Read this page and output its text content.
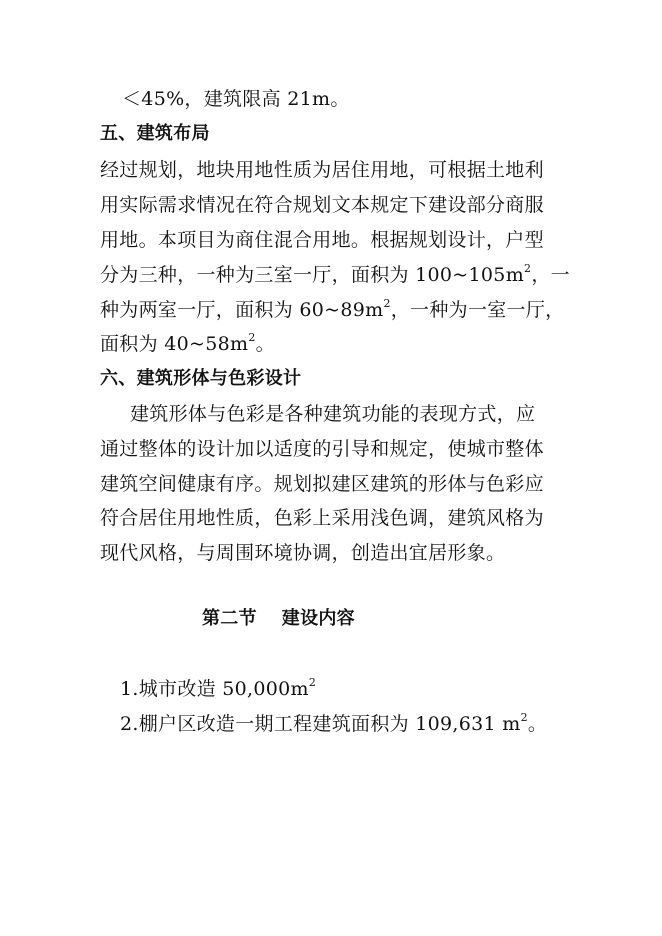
＜45%，建筑限高 21m。
五、建筑布局
经过规划，地块用地性质为居住用地，可根据土地利
用实际需求情况在符合规划文本规定下建设部分商服
用地。本项目为商住混合用地。根据规划设计，户型
分为三种，一种为三室一厅，面积为 $100\sim 105m^2$，一
种为两室一厅，面积为 $60\sim 89m^2$，一种为一室一厅，
面积为 $40\sim 58m^2$。
六、建筑形体与色彩设计
建筑形体与色彩是各种建筑功能的表现方式，应
通过整体的设计加以适度的引导和规定，使城市整体
建筑空间健康有序。规划拟建区建筑的形体与色彩应
符合居住用地性质，色彩上采用浅色调，建筑风格为
现代风格，与周围环境协调，创造出宜居形象。
第二节　 建设内容
1.城市改造 $50,000m^2$
2.棚户区改造一期工程建筑面积为 109,631 $m^2$。
